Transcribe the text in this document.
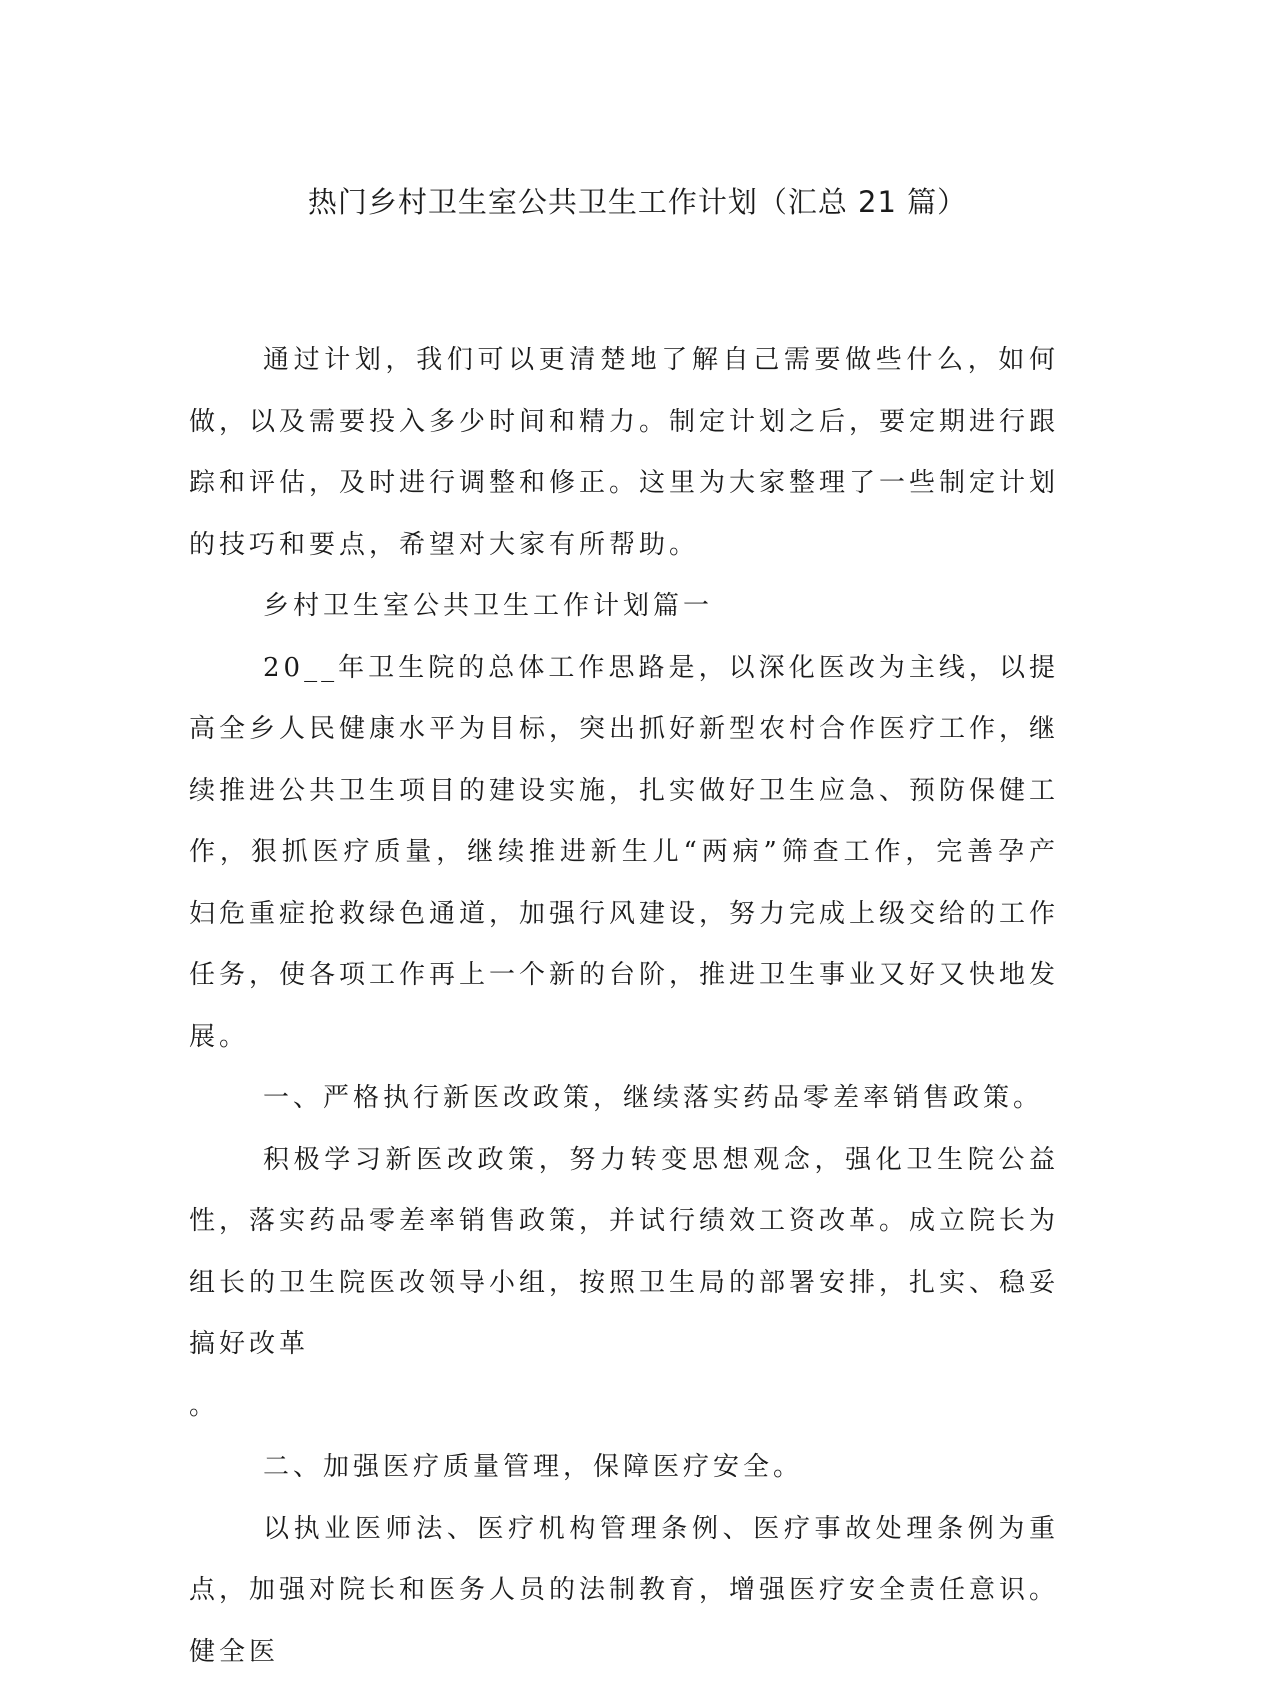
热门乡村卫生室公共卫生工作计划（汇总 21 篇）

通过计划，我们可以更清楚地了解自己需要做些什么，如何做，以及需要投入多少时间和精力。制定计划之后，要定期进行跟踪和评估，及时进行调整和修正。这里为大家整理了一些制定计划的技巧和要点，希望对大家有所帮助。

乡村卫生室公共卫生工作计划篇一

20__年卫生院的总体工作思路是，以深化医改为主线，以提高全乡人民健康水平为目标，突出抓好新型农村合作医疗工作，继续推进公共卫生项目的建设实施，扎实做好卫生应急、预防保健工作，狠抓医疗质量，继续推进新生儿“两病”筛查工作，完善孕产妇危重症抢救绿色通道，加强行风建设，努力完成上级交给的工作任务，使各项工作再上一个新的台阶，推进卫生事业又好又快地发展。

一、严格执行新医改政策，继续落实药品零差率销售政策。

积极学习新医改政策，努力转变思想观念，强化卫生院公益性，落实药品零差率销售政策，并试行绩效工资改革。成立院长为组长的卫生院医改领导小组，按照卫生局的部署安排，扎实、稳妥搞好改革

。

二、加强医疗质量管理，保障医疗安全。

以执业医师法、医疗机构管理条例、医疗事故处理条例为重点，加强对院长和医务人员的法制教育，增强医疗安全责任意识。健全医
